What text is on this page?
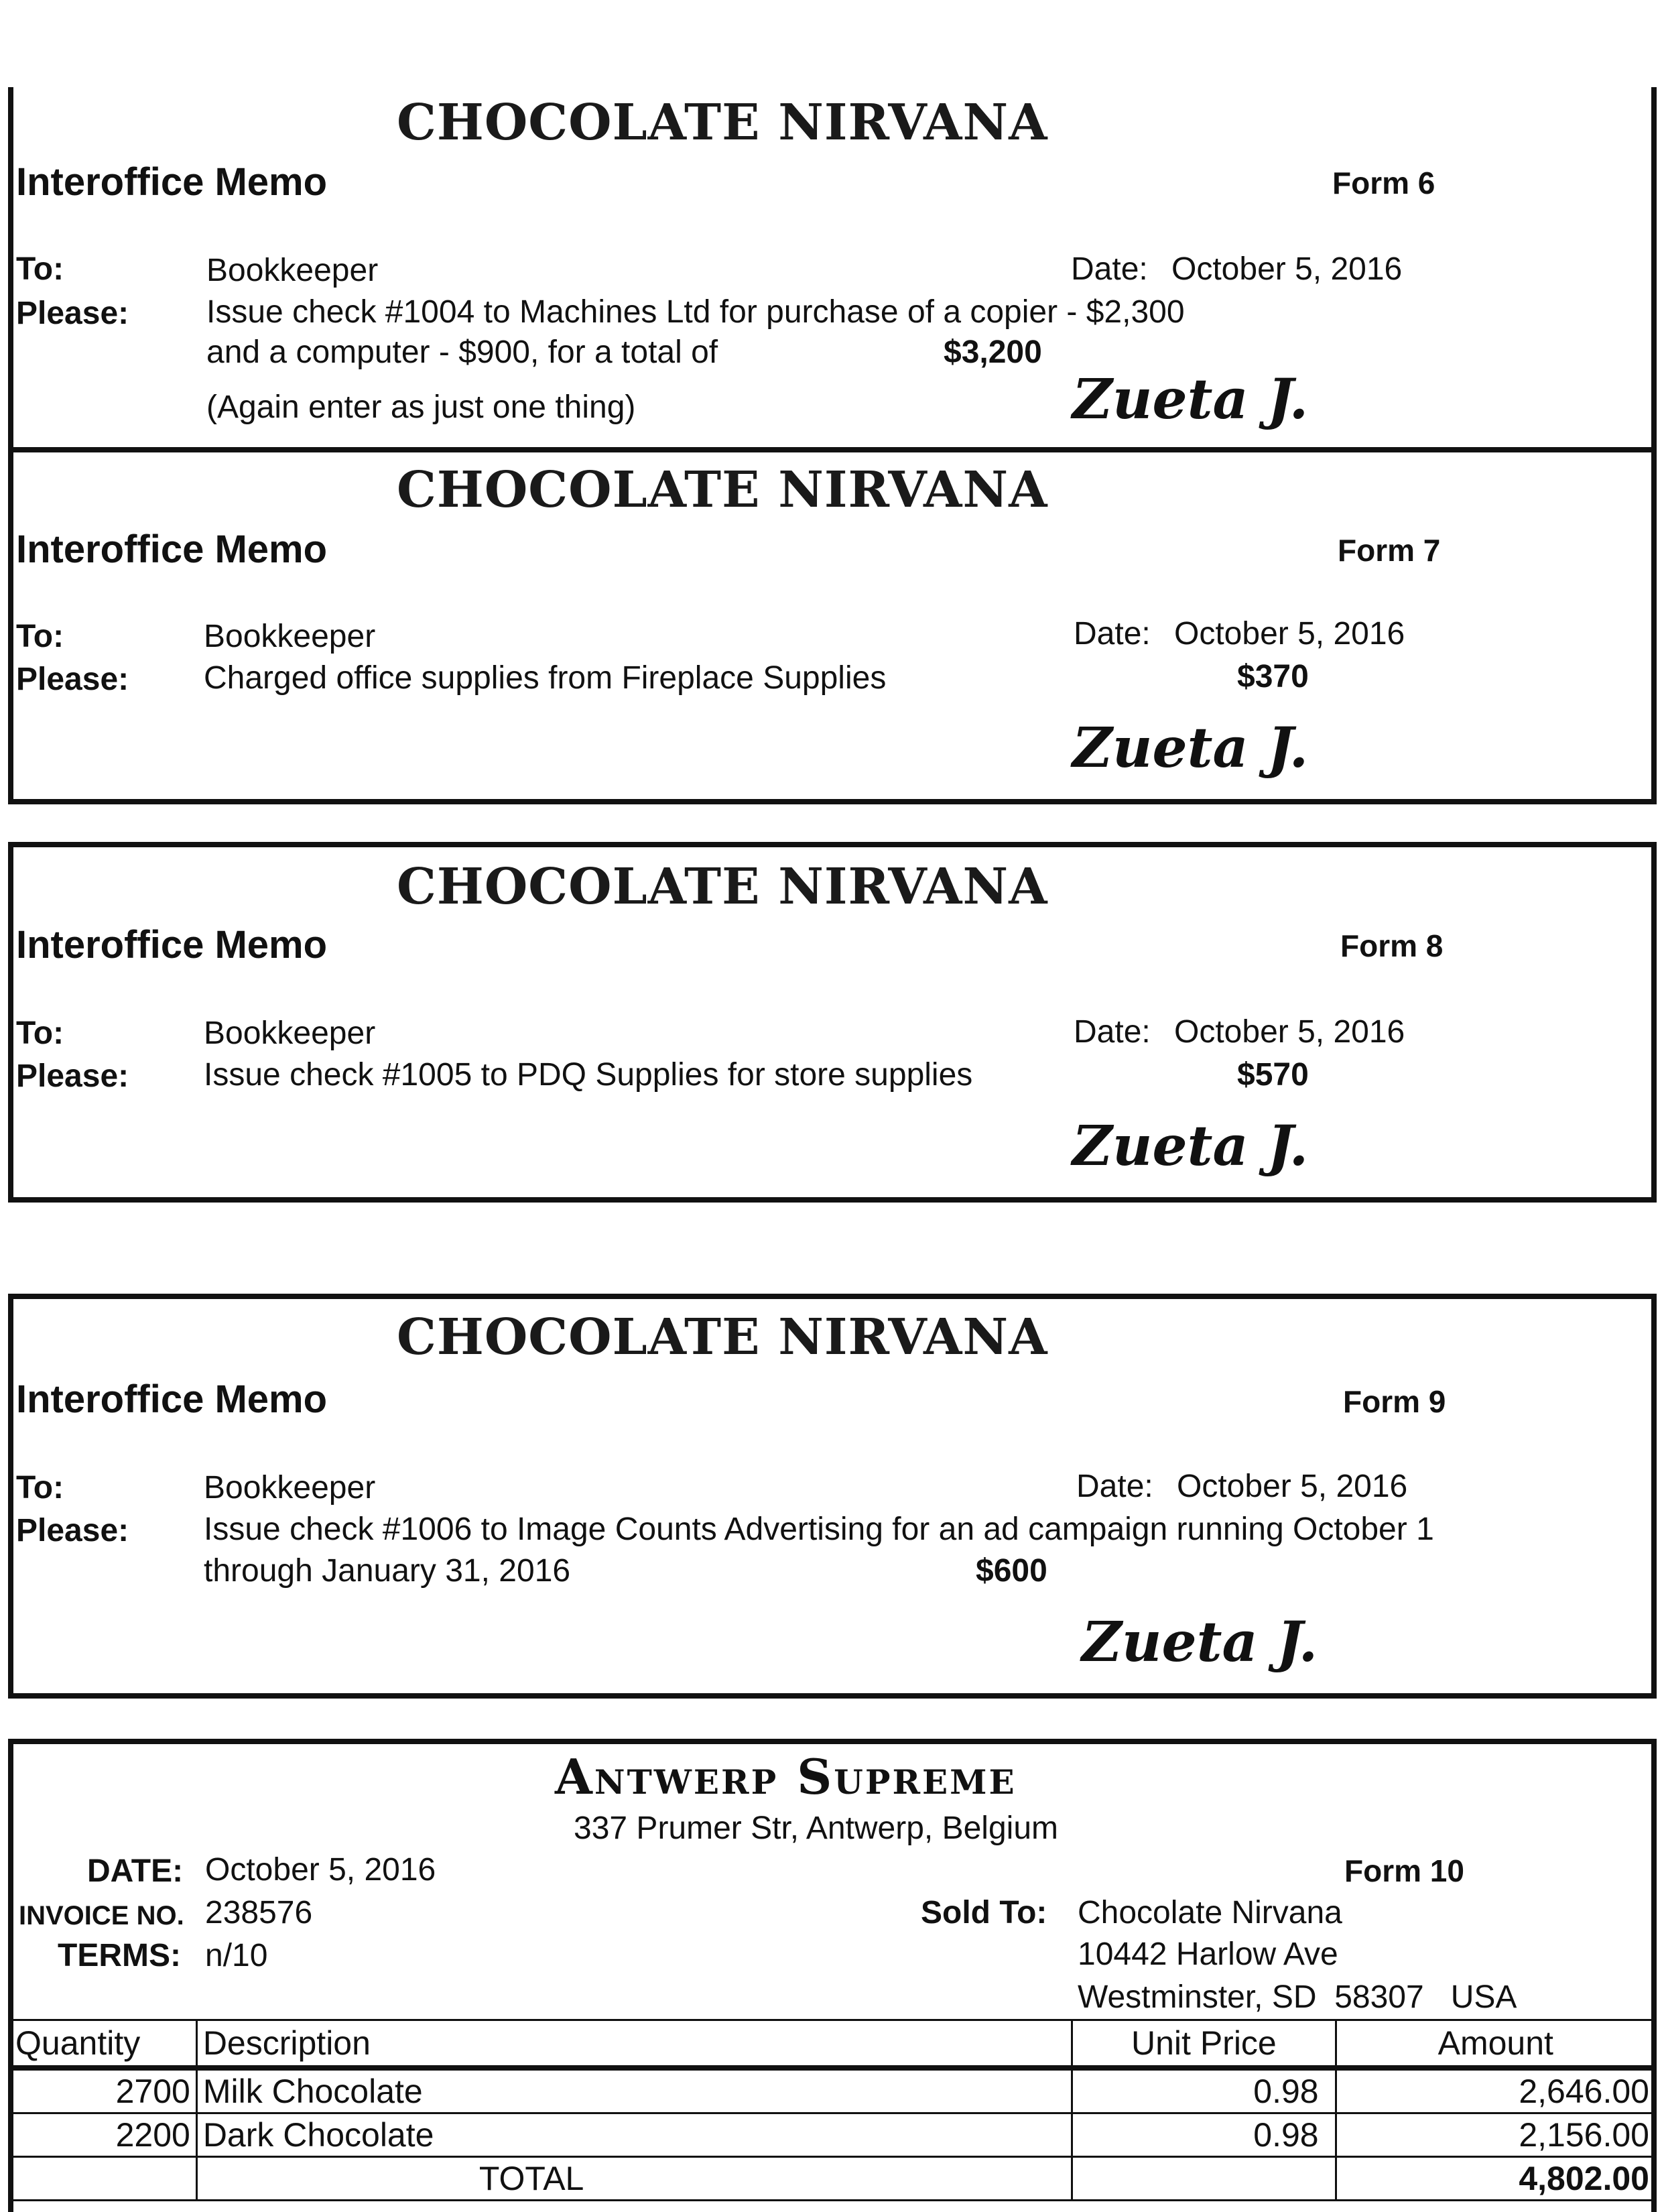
CHOCOLATE NIRVANA
Interoffice Memo	Form 6
To:	Bookkeeper	Date: October 5, 2016
Please: Issue check #1004 to Machines Ltd for purchase of a copier - $2,300
and a computer - $900, for a total of	$3,200
(Again enter as just one thing)	Zueta J.
CHOCOLATE NIRVANA
Interoffice Memo	Form 7
To:	Bookkeeper	Date: October 5, 2016
Please: Charged office supplies from Fireplace Supplies	$370
Zueta J.
CHOCOLATE NIRVANA
Interoffice Memo	Form 8
To:	Bookkeeper	Date: October 5, 2016
Please: Issue check #1005 to PDQ Supplies for store supplies	$570
Zueta J.
CHOCOLATE NIRVANA
Interoffice Memo	Form 9
To:	Bookkeeper	Date: October 5, 2016
Please: Issue check #1006 to Image Counts Advertising for an ad campaign running October 1
through January 31, 2016	$600
Zueta J.
Antwerp Supreme
337 Prumer Str, Antwerp, Belgium
Form 10
DATE: October 5, 2016
INVOICE NO. 238576
TERMS: n/10
Sold To: Chocolate Nirvana
10442 Harlow Ave
Westminster, SD  58307   USA
Quantity	Description	Unit Price	Amount
2700	Milk Chocolate	0.98	2,646.00
2200	Dark Chocolate	0.98	2,156.00
	TOTAL		4,802.00
